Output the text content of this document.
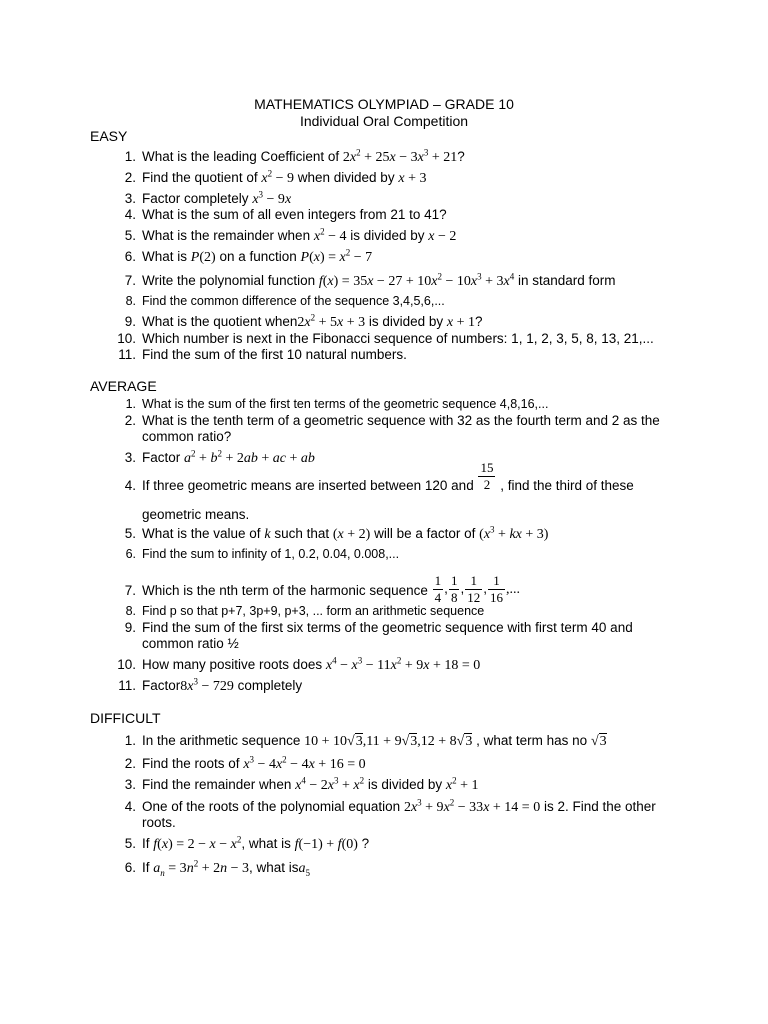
MATHEMATICS OLYMPIAD – GRADE 10
Individual Oral Competition
EASY
1. What is the leading Coefficient of $2x^2 + 25x - 3x^3 + 21$?
2. Find the quotient of $x^2 - 9$ when divided by x + 3
3. Factor completely $x^3 - 9x$
4. What is the sum of all even integers from 21 to 41?
5. What is the remainder when $x^2 - 4$ is divided by x − 2
6. What is P(2) on a function $P(x) = x^2 - 7$
7. Write the polynomial function $f(x) = 35x - 27 + 10x^2 - 10x^3 + 3x^4$ in standard form
8. Find the common difference of the sequence 3,4,5,6,...
9. What is the quotient $when2x^2 + 5x + 3$ is divided by x + 1?
10. Which number is next in the Fibonacci sequence of numbers: 1, 1, 2, 3, 5, 8, 13, 21,...
11. Find the sum of the first 10 natural numbers.
AVERAGE
1. What is the sum of the first ten terms of the geometric sequence 4,8,16,...
2. What is the tenth term of a geometric sequence with 32 as the fourth term and 2 as the
common ratio?
3. Factor $a^2 + b^2 + 2ab$ + ac + ab
4. If three geometric means are inserted between 120 and $\frac{15}{2}$ , find the third of these
geometric means.
5. What is the value of k such that (x + 2) will be a factor of ($x^3$ + kx + 3)
6. Find the sum to infinity of 1, 0.2, 0.04, 0.008,...
7. Which is the nth term of the harmonic sequence $\frac{1}{4}$ , $\frac{1}{8}$ , $\frac{1}{12}$ , $\frac{1}{16}$ ,...
8. Find p so that p+7, 3p+9, p+3, ... form an arithmetic sequence
9. Find the sum of the first six terms of the geometric sequence with first term 40 and
common ratio ½
10. How many positive roots does $x^4 - x^3 - 11x^2 + 9x + 18 = 0$
11. $Factor8x^3 - 729$ completely
DIFFICULT
1. In the arithmetic sequence 10 + 10√3,11 + 9√3,12 + 8√3 , what term has no √3
2. Find the roots of $x^3 - 4x^2 - 4x + 16 = 0$
3. Find the remainder when $x^4 - 2x^3 + x^2$ is divided by $x^2 + 1$
4. One of the roots of the polynomial equation $2x^3 + 9x^2 - 33x + 14 = 0$ is 2. Find the other
roots.
5. If $f(x) = 2 - x - x^2$, what is f(−1) + f(0) ?
6. If $a_n = 3n^2 + 2n - 3$, what isa$_5$
